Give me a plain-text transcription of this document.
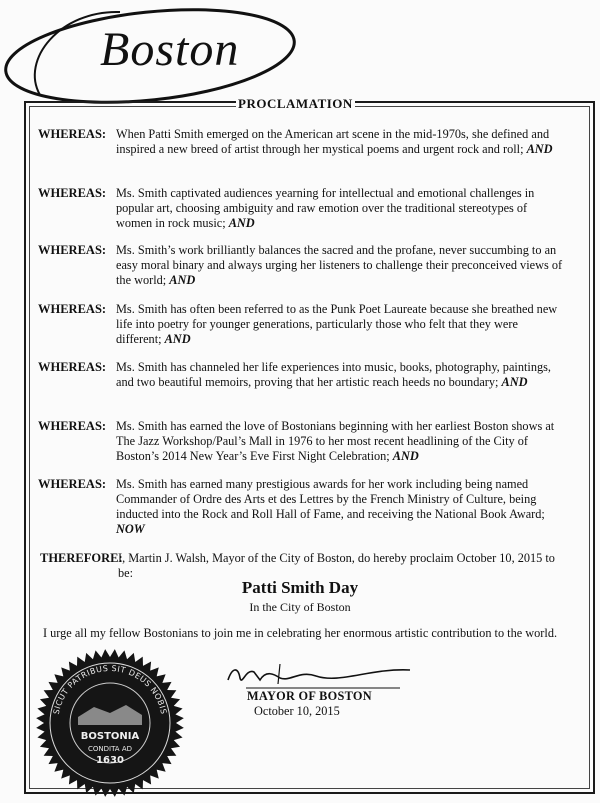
Boston
PROCLAMATION
WHEREAS: When Patti Smith emerged on the American art scene in the mid-1970s, she defined and inspired a new breed of artist through her mystical poems and urgent rock and roll; AND
WHEREAS: Ms. Smith captivated audiences yearning for intellectual and emotional challenges in popular art, choosing ambiguity and raw emotion over the traditional stereotypes of women in rock music; AND
WHEREAS: Ms. Smith’s work brilliantly balances the sacred and the profane, never succumbing to an easy moral binary and always urging her listeners to challenge their preconceived views of the world; AND
WHEREAS: Ms. Smith has often been referred to as the Punk Poet Laureate because she breathed new life into poetry for younger generations, particularly those who felt that they were different; AND
WHEREAS: Ms. Smith has channeled her life experiences into music, books, photography, paintings, and two beautiful memoirs, proving that her artistic reach heeds no boundary; AND
WHEREAS: Ms. Smith has earned the love of Bostonians beginning with her earliest Boston shows at The Jazz Workshop/Paul’s Mall in 1976 to her most recent headlining of the City of Boston’s 2014 New Year’s Eve First Night Celebration; AND
WHEREAS: Ms. Smith has earned many prestigious awards for her work including being named Commander of Ordre des Arts et des Lettres by the French Ministry of Culture, being inducted into the Rock and Roll Hall of Fame, and receiving the National Book Award; NOW
THEREFORE:
I, Martin J. Walsh, Mayor of the City of Boston, do hereby proclaim October 10, 2015 to be:
Patti Smith Day
In the City of Boston
I urge all my fellow Bostonians to join me in celebrating her enormous artistic contribution to the world.
MAYOR OF BOSTON
October 10, 2015
SICUT PATRIBUS SIT DEUS NOBIS
BOSTONIA
CONDITA AD
1630
